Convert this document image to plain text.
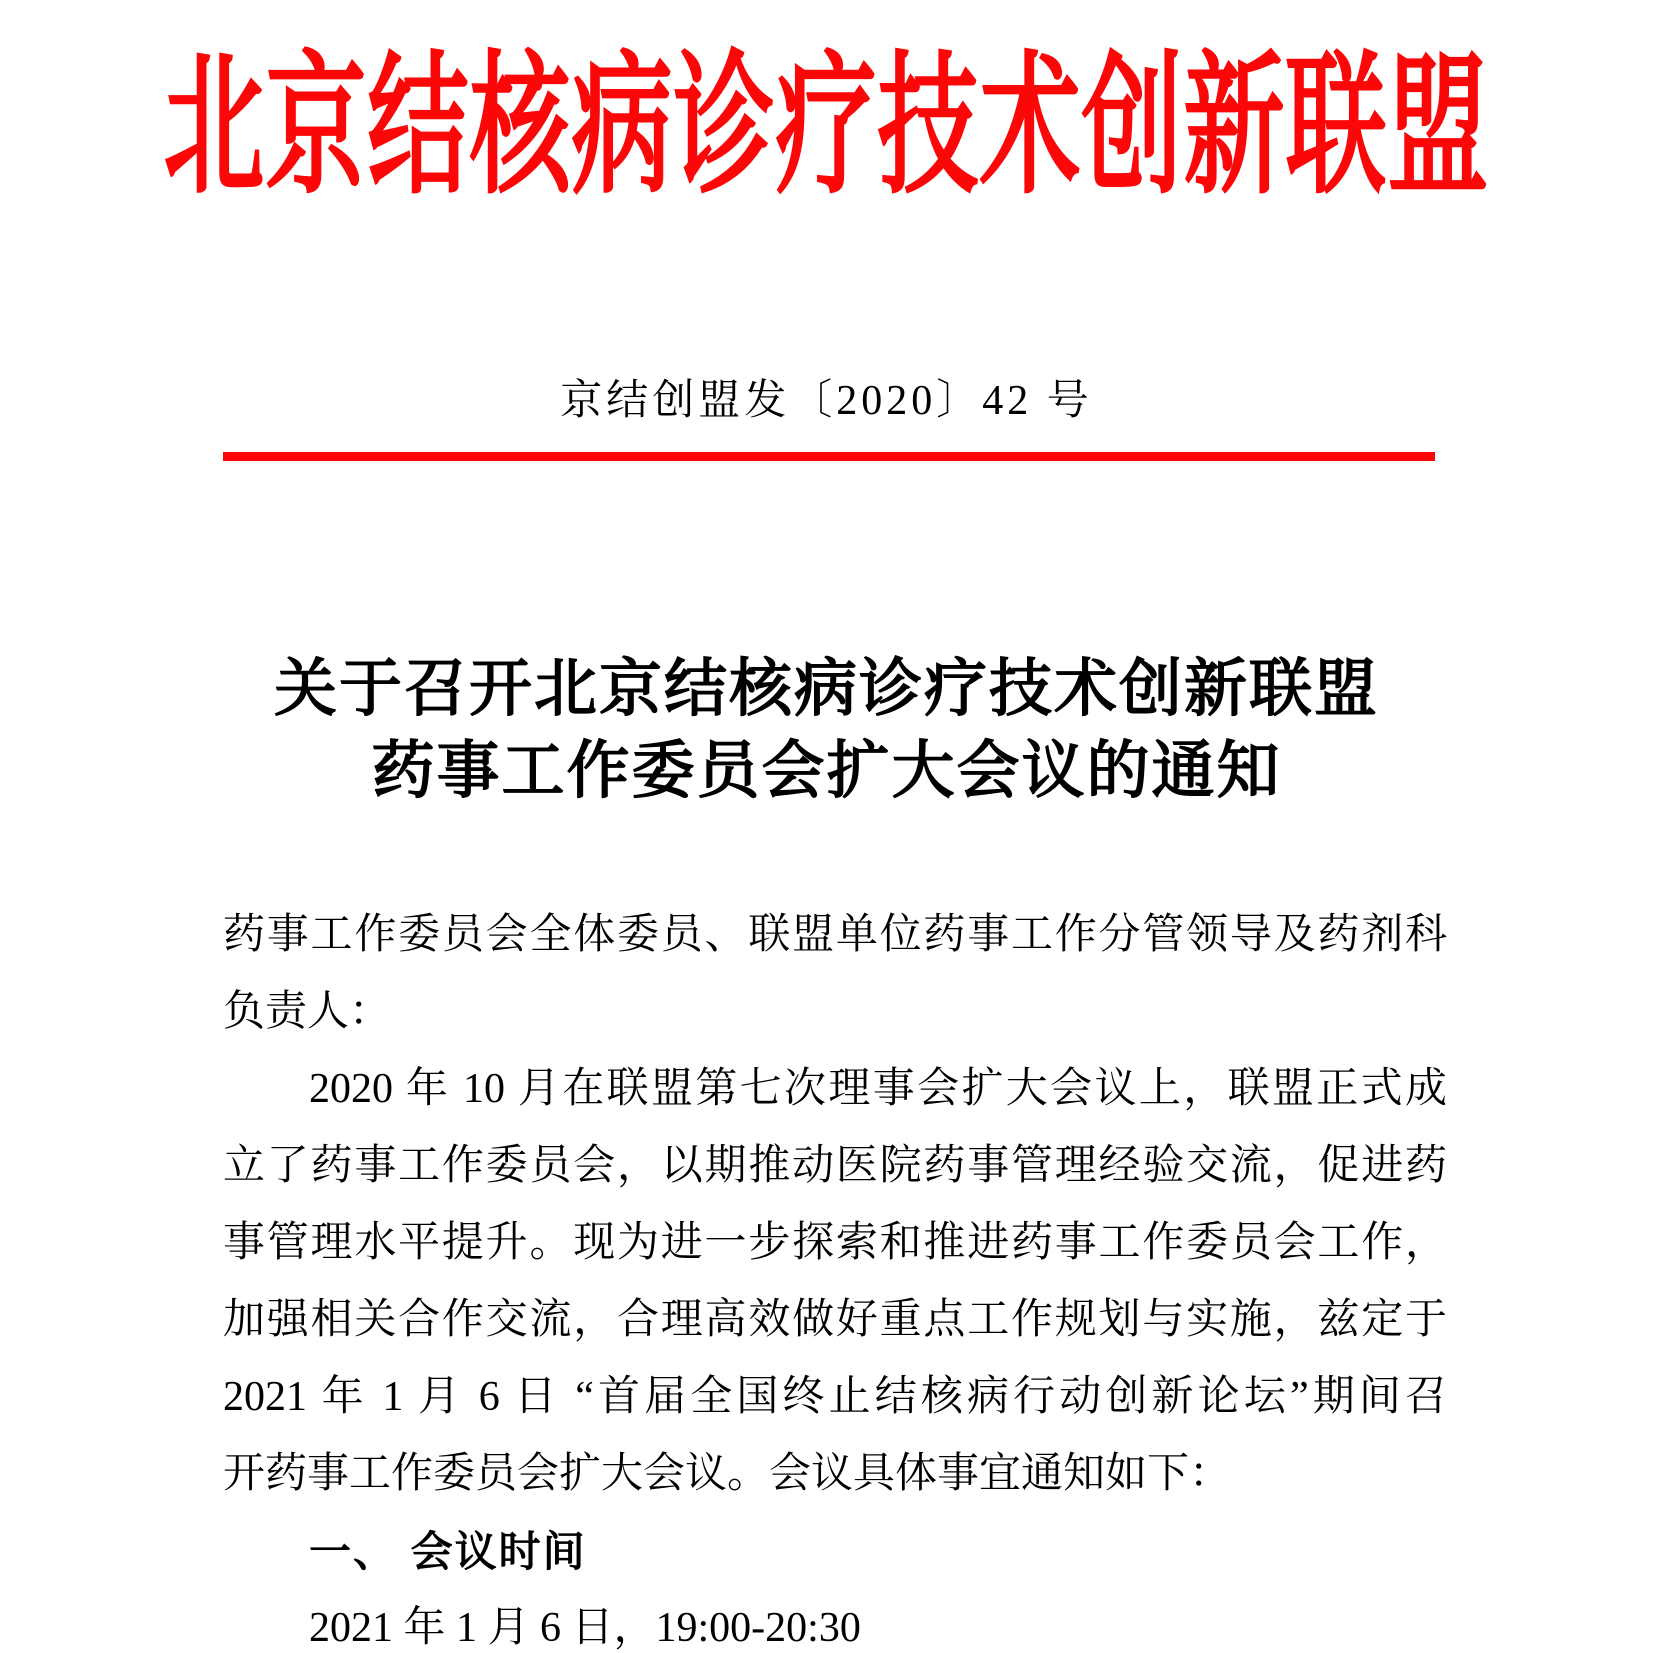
北京结核病诊疗技术创新联盟
京结创盟发〔2020〕42 号
关于召开北京结核病诊疗技术创新联盟
药事工作委员会扩大会议的通知
药事工作委员会全体委员、联盟单位药事工作分管领导及药剂科
负责人：
2020 年 10 月在联盟第七次理事会扩大会议上，联盟正式成
立了药事工作委员会，以期推动医院药事管理经验交流，促进药
事管理水平提升。现为进一步探索和推进药事工作委员会工作，
加强相关合作交流，合理高效做好重点工作规划与实施，兹定于
2021 年 1 月 6 日 “首届全国终止结核病行动创新论坛”期间召
开药事工作委员会扩大会议。会议具体事宜通知如下：
一、 会议时间
2021 年 1 月 6 日，19:00-20:30
